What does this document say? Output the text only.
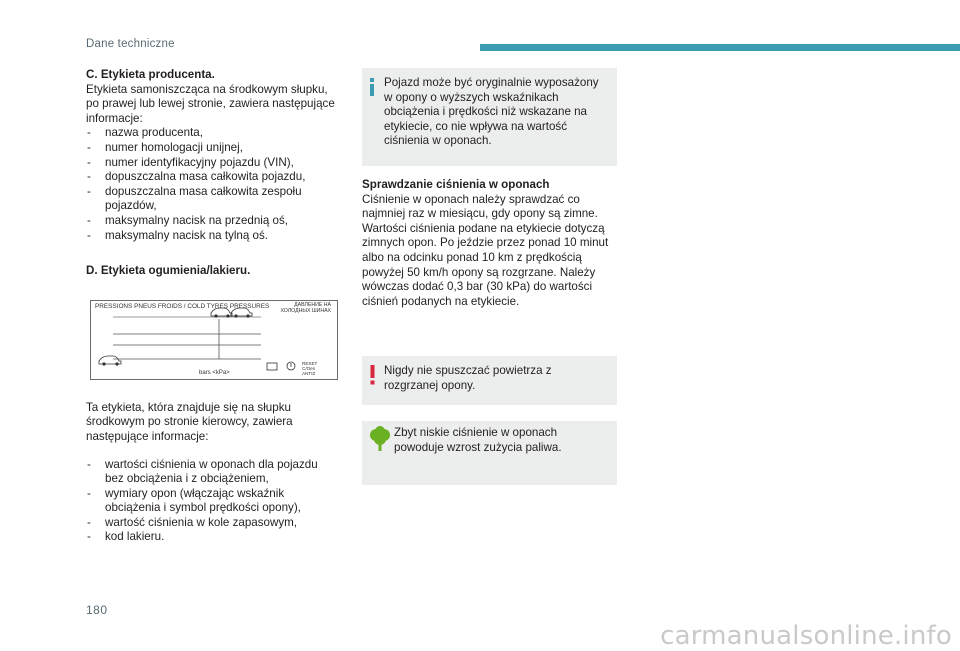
Dane techniczne
C. Etykieta producenta.
Etykieta samoniszcząca na środkowym słupku, po prawej lub lewej stronie, zawiera następujące informacje:
- nazwa producenta,
- numer homologacji unijnej,
- numer identyfikacyjny pojazdu (VIN),
- dopuszczalna masa całkowita pojazdu,
- dopuszczalna masa całkowita zespołu pojazdów,
- maksymalny nacisk na przednią oś,
- maksymalny nacisk na tylną oś.
D. Etykieta ogumienia/lakieru.
PRESSIONS PNEUS FROIDS / COLD TYRES PRESSURES	ДАВЛЕНИЕ НА ХОЛОДНЫХ ШИНАХ
bars <kPa>
RESET C/Oen ANTIZ
Ta etykieta, która znajduje się na słupku środkowym po stronie kierowcy, zawiera następujące informacje:
- wartości ciśnienia w oponach dla pojazdu bez obciążenia i z obciążeniem,
- wymiary opon (włączając wskaźnik obciążenia i symbol prędkości opony),
- wartość ciśnienia w kole zapasowym,
- kod lakieru.
Pojazd może być oryginalnie wyposażony w opony o wyższych wskaźnikach obciążenia i prędkości niż wskazane na etykiecie, co nie wpływa na wartość ciśnienia w oponach.
Sprawdzanie ciśnienia w oponach
Ciśnienie w oponach należy sprawdzać co najmniej raz w miesiącu, gdy opony są zimne. Wartości ciśnienia podane na etykiecie dotyczą zimnych opon. Po jeździe przez ponad 10 minut albo na odcinku ponad 10 km z prędkością powyżej 50 km/h opony są rozgrzane. Należy wówczas dodać 0,3 bar (30 kPa) do wartości ciśnień podanych na etykiecie.
Nigdy nie spuszczać powietrza z rozgrzanej opony.
Zbyt niskie ciśnienie w oponach powoduje wzrost zużycia paliwa.
180
carmanualsonline.info
